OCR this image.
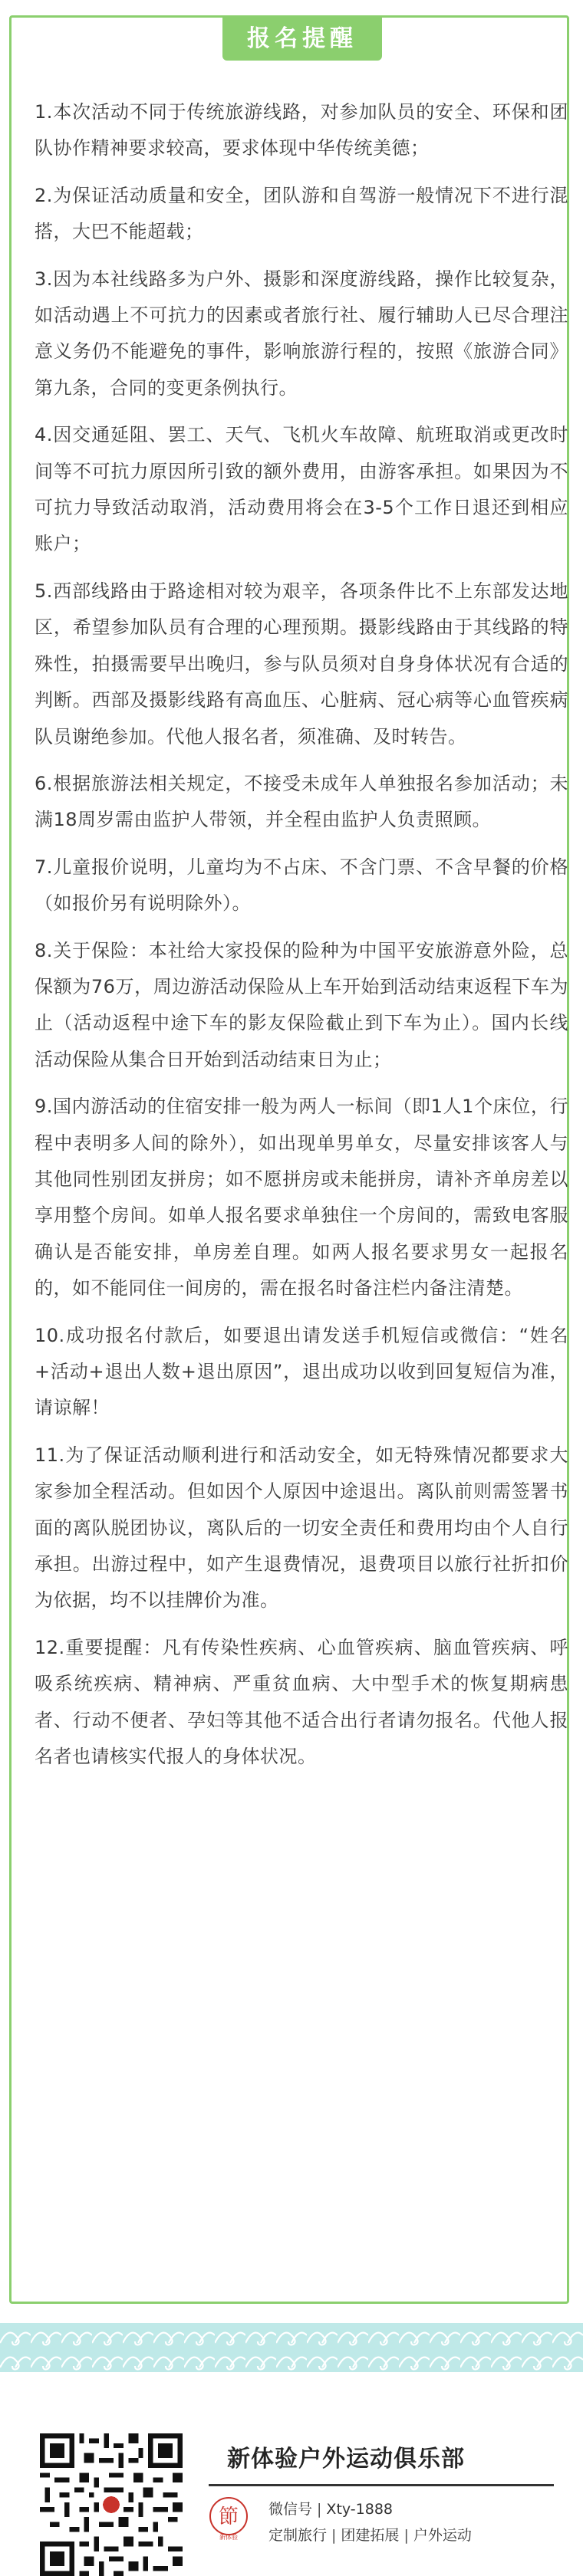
报名提醒

1.本次活动不同于传统旅游线路，对参加队员的安全、环保和团队协作精神要求较高，要求体现中华传统美德；

2.为保证活动质量和安全，团队游和自驾游一般情况下不进行混搭，大巴不能超载；

3.因为本社线路多为户外、摄影和深度游线路，操作比较复杂，如活动遇上不可抗力的因素或者旅行社、履行辅助人已尽合理注意义务仍不能避免的事件，影响旅游行程的，按照《旅游合同》第九条，合同的变更条例执行。

4.因交通延阻、罢工、天气、飞机火车故障、航班取消或更改时间等不可抗力原因所引致的额外费用，由游客承担。如果因为不可抗力导致活动取消，活动费用将会在3-5个工作日退还到相应账户；

5.西部线路由于路途相对较为艰辛，各项条件比不上东部发达地区，希望参加队员有合理的心理预期。摄影线路由于其线路的特殊性，拍摄需要早出晚归，参与队员须对自身身体状况有合适的判断。西部及摄影线路有高血压、心脏病、冠心病等心血管疾病队员谢绝参加。代他人报名者，须准确、及时转告。

6.根据旅游法相关规定，不接受未成年人单独报名参加活动；未满18周岁需由监护人带领，并全程由监护人负责照顾。

7.儿童报价说明，儿童均为不占床、不含门票、不含早餐的价格（如报价另有说明除外）。

8.关于保险：本社给大家投保的险种为中国平安旅游意外险，总保额为76万，周边游活动保险从上车开始到活动结束返程下车为止（活动返程中途下车的影友保险截止到下车为止）。国内长线活动保险从集合日开始到活动结束日为止；

9.国内游活动的住宿安排一般为两人一标间（即1人1个床位，行程中表明多人间的除外），如出现单男单女，尽量安排该客人与其他同性别团友拼房；如不愿拼房或未能拼房，请补齐单房差以享用整个房间。如单人报名要求单独住一个房间的，需致电客服确认是否能安排，单房差自理。如两人报名要求男女一起报名的，如不能同住一间房的，需在报名时备注栏内备注清楚。

10.成功报名付款后，如要退出请发送手机短信或微信：“姓名+活动+退出人数+退出原因”，退出成功以收到回复短信为准，请谅解！

11.为了保证活动顺利进行和活动安全，如无特殊情况都要求大家参加全程活动。但如因个人原因中途退出。离队前则需签署书面的离队脱团协议，离队后的一切安全责任和费用均由个人自行承担。出游过程中，如产生退费情况，退费项目以旅行社折扣价为依据，均不以挂牌价为准。

12.重要提醒：凡有传染性疾病、心血管疾病、脑血管疾病、呼吸系统疾病、精神病、严重贫血病、大中型手术的恢复期病患者、行动不便者、孕妇等其他不适合出行者请勿报名。代他人报名者也请核实代报人的身体状况。

新体验户外运动俱乐部
節
新体验
微信号 | Xty-1888
定制旅行 | 团建拓展 | 户外运动
